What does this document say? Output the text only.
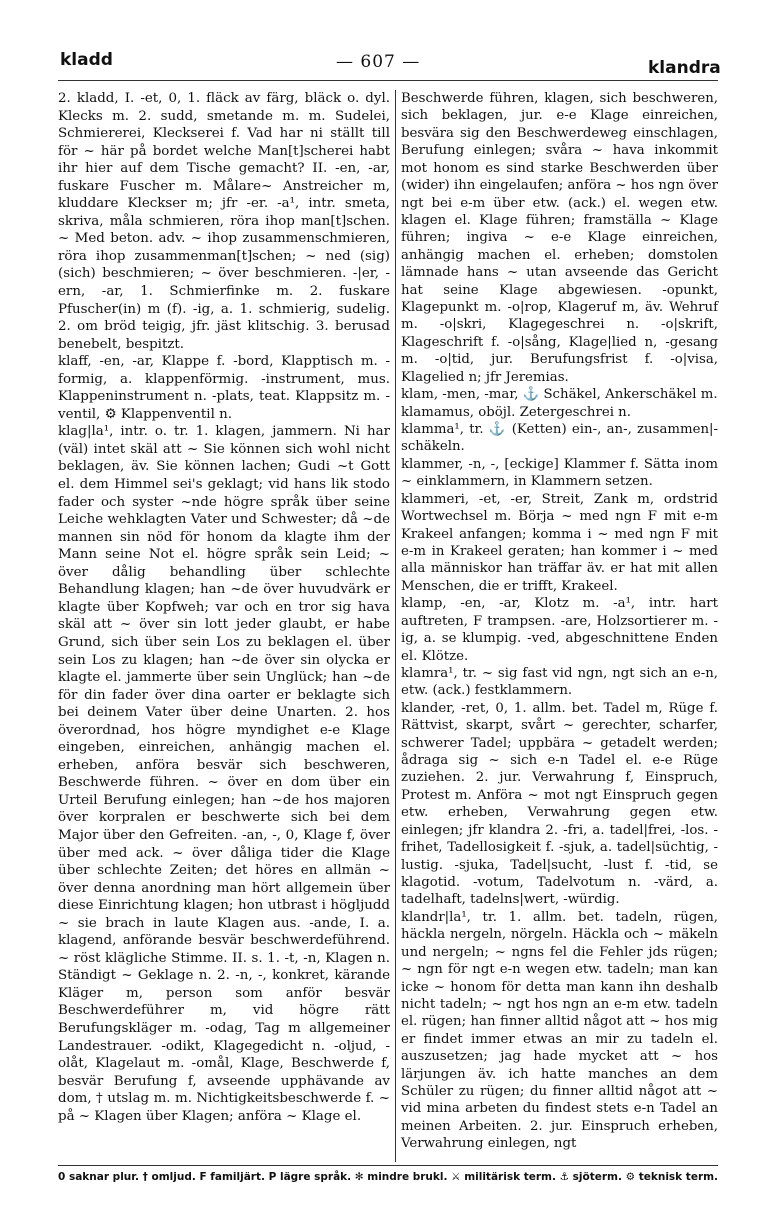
kladd	— 607 —	klandra

2. kladd, I. -et, 0, 1. fläck av färg, bläck o. dyl. Klecks m. 2. sudd, smetande m. m. Sudelei, Schmiererei, Kleckserei f. Vad har ni ställt till för ~ här på bordet welche Man[t]scherei habt ihr hier auf dem Tische gemacht? II. -en, -ar, fuskare Fuscher m. Målare~ Anstreicher m, kluddare Kleckser m; jfr -er. -a¹, intr. smeta, skriva, måla schmieren, röra ihop man[t]schen. ~ Med beton. adv. ~ ihop zusammenschmieren, röra ihop zusammenman[t]schen; ~ ned (sig) (sich) beschmieren; ~ över beschmieren. -|er, -ern, -ar, 1. Schmierfinke m. 2. fuskare Pfuscher(in) m (f). -ig, a. 1. schmierig, sudelig. 2. om bröd teigig, jfr. jäst klitschig. 3. berusad benebelt, bespitzt.

klaff, -en, -ar, Klappe f. -bord, Klapptisch m. -formig, a. klappenförmig. -instrument, mus. Klappeninstrument n. -plats, teat. Klappsitz m. -ventil, ⚙ Klappenventil n.

klag|la¹, intr. o. tr. 1. klagen, jammern. Ni har (väl) intet skäl att ~ Sie können sich wohl nicht beklagen, äv. Sie können lachen; Gudi ~t Gott el. dem Himmel sei's geklagt; vid hans lik stodo fader och syster ~nde högre språk über seine Leiche wehklagten Vater und Schwester; då ~de mannen sin nöd för honom da klagte ihm der Mann seine Not el. högre språk sein Leid; ~ över dålig behandling über schlechte Behandlung klagen; han ~de över huvudvärk er klagte über Kopfweh; var och en tror sig hava skäl att ~ över sin lott jeder glaubt, er habe Grund, sich über sein Los zu beklagen el. über sein Los zu klagen; han ~de över sin olycka er klagte el. jammerte über sein Unglück; han ~de för din fader över dina oarter er beklagte sich bei deinem Vater über deine Unarten. 2. hos överordnad, hos högre myndighet e-e Klage eingeben, einreichen, anhängig machen el. erheben, anföra besvär sich beschweren, Beschwerde führen. ~ över en dom über ein Urteil Berufung einlegen; han ~de hos majoren över korpralen er beschwerte sich bei dem Major über den Gefreiten. -an, -, 0, Klage f, över über med ack. ~ över dåliga tider die Klage über schlechte Zeiten; det höres en allmän ~ över denna anordning man hört allgemein über diese Einrichtung klagen; hon utbrast i högljudd ~ sie brach in laute Klagen aus. -ande, I. a. klagend, anförande besvär beschwerdeführend. ~ röst klägliche Stimme. II. s. 1. -t, -n, Klagen n. Ständigt ~ Geklage n. 2. -n, -, konkret, kärande Kläger m, person som anför besvär Beschwerdeführer m, vid högre rätt Berufungskläger m. -odag, Tag m allgemeiner Landestrauer. -odikt, Klagegedicht n. -oljud, -olåt, Klagelaut m. -omål, Klage, Beschwerde f, besvär Berufung f, avseende upphävande av dom, † utslag m. m. Nichtigkeitsbeschwerde f. ~ på ~ Klagen über Klagen; anföra ~ Klage el.

Beschwerde führen, klagen, sich beschweren, sich beklagen, jur. e-e Klage einreichen, besvära sig den Beschwerdeweg einschlagen, Berufung einlegen; svåra ~ hava inkommit mot honom es sind starke Beschwerden über (wider) ihn eingelaufen; anföra ~ hos ngn över ngt bei e-m über etw. (ack.) el. wegen etw. klagen el. Klage führen; framställa ~ Klage führen; ingiva ~ e-e Klage einreichen, anhängig machen el. erheben; domstolen lämnade hans ~ utan avseende das Gericht hat seine Klage abgewiesen. -opunkt, Klagepunkt m. -o|rop, Klageruf m, äv. Wehruf m. -o|skri, Klagegeschrei n. -o|skrift, Klageschrift f. -o|sång, Klage|lied n, -gesang m. -o|tid, jur. Berufungsfrist f. -o|visa, Klagelied n; jfr Jeremias.

klam, -men, -mar, ⚓ Schäkel, Ankerschäkel m.

klamamus, oböjl. Zetergeschrei n.

klamma¹, tr. ⚓ (Ketten) ein-, an-, zusammen|-schäkeln.

klammer, -n, -, [eckige] Klammer f. Sätta inom ~ einklammern, in Klammern setzen.

klammeri, -et, -er, Streit, Zank m, ordstrid Wortwechsel m. Börja ~ med ngn F mit e-m Krakeel anfangen; komma i ~ med ngn F mit e-m in Krakeel geraten; han kommer i ~ med alla människor han träffar äv. er hat mit allen Menschen, die er trifft, Krakeel.

klamp, -en, -ar, Klotz m. -a¹, intr. hart auftreten, F trampsen. -are, Holzsortierer m. -ig, a. se klumpig. -ved, abgeschnittene Enden el. Klötze.

klamra¹, tr. ~ sig fast vid ngn, ngt sich an e-n, etw. (ack.) festklammern.

klander, -ret, 0, 1. allm. bet. Tadel m, Rüge f. Rättvist, skarpt, svårt ~ gerechter, scharfer, schwerer Tadel; uppbära ~ getadelt werden; ådraga sig ~ sich e-n Tadel el. e-e Rüge zuziehen. 2. jur. Verwahrung f, Einspruch, Protest m. Anföra ~ mot ngt Einspruch gegen etw. erheben, Verwahrung gegen etw. einlegen; jfr klandra 2. -fri, a. tadel|frei, -los. -frihet, Tadellosigkeit f. -sjuk, a. tadel|süchtig, -lustig. -sjuka, Tadel|sucht, -lust f. -tid, se klagotid. -votum, Tadelvotum n. -värd, a. tadelhaft, tadelns|wert, -würdig.

klandr|la¹, tr. 1. allm. bet. tadeln, rügen, häckla nergeln, nörgeln. Häckla och ~ mäkeln und nergeln; ~ ngns fel die Fehler jds rügen; ~ ngn för ngt e-n wegen etw. tadeln; man kan icke ~ honom för detta man kann ihn deshalb nicht tadeln; ~ ngt hos ngn an e-m etw. tadeln el. rügen; han finner alltid något att ~ hos mig er findet immer etwas an mir zu tadeln el. auszusetzen; jag hade mycket att ~ hos lärjungen äv. ich hatte manches an dem Schüler zu rügen; du finner alltid något att ~ vid mina arbeten du findest stets e-n Tadel an meinen Arbeiten. 2. jur. Einspruch erheben, Verwahrung einlegen, ngt

0 saknar plur. † omljud. F familjärt. P lägre språk. ✻ mindre brukl. ⚔ militärisk term. ⚓ sjöterm. ⚙ teknisk term.
